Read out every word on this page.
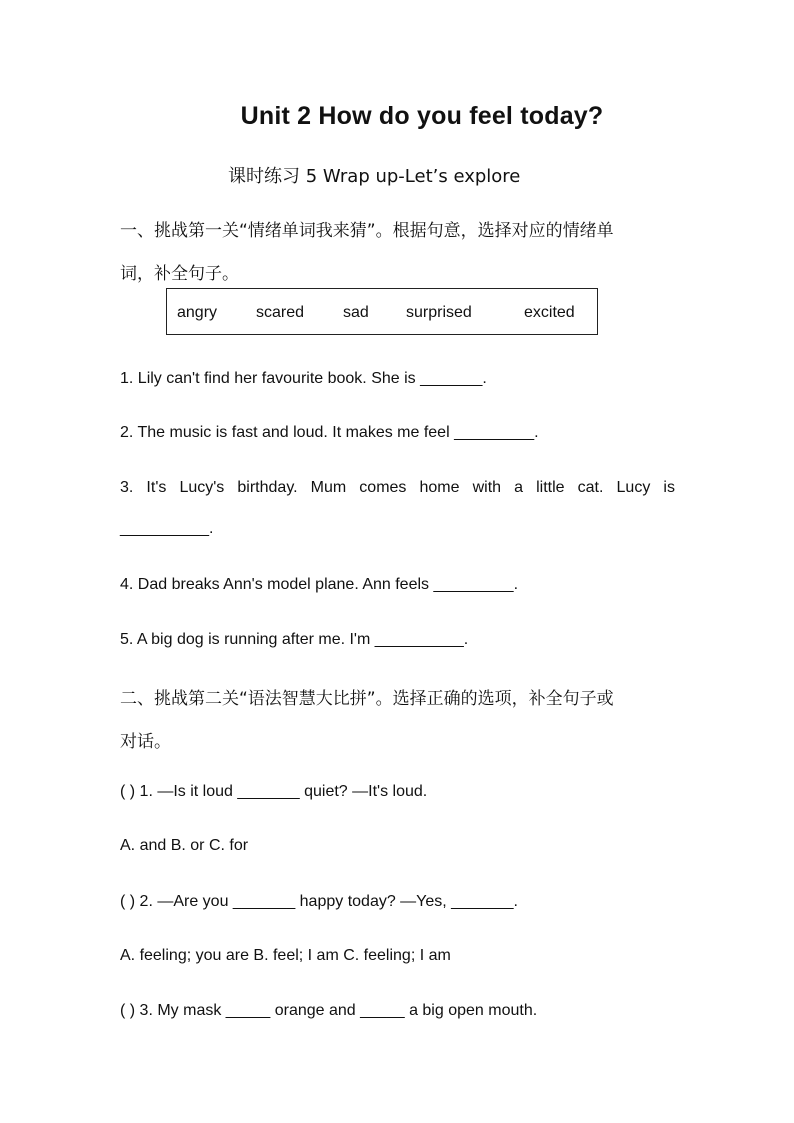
Unit 2 How do you feel today?
课时练习 5 Wrap up-Let’s explore
一、挑战第一关“情绪单词我来猜”。根据句意，选择对应的情绪单
词，补全句子。
angry scared sad surprised	excited
1. Lily can't find her favourite book. She is _______.
2. The music is fast and loud. It makes me feel _________.
3. It's Lucy's birthday. Mum comes home with a little cat. Lucy is
__________.
4. Dad breaks Ann's model plane. Ann feels _________.
5. A big dog is running after me. I'm __________.
二、挑战第二关“语法智慧大比拼”。选择正确的选项，补全句子或
对话。
( ) 1. —Is it loud _______ quiet? —It's loud.
A. and B. or C. for
( ) 2. —Are you _______ happy today? —Yes, _______.
A. feeling; you are B. feel; I am C. feeling; I am
( ) 3. My mask _____ orange and _____ a big open mouth.
